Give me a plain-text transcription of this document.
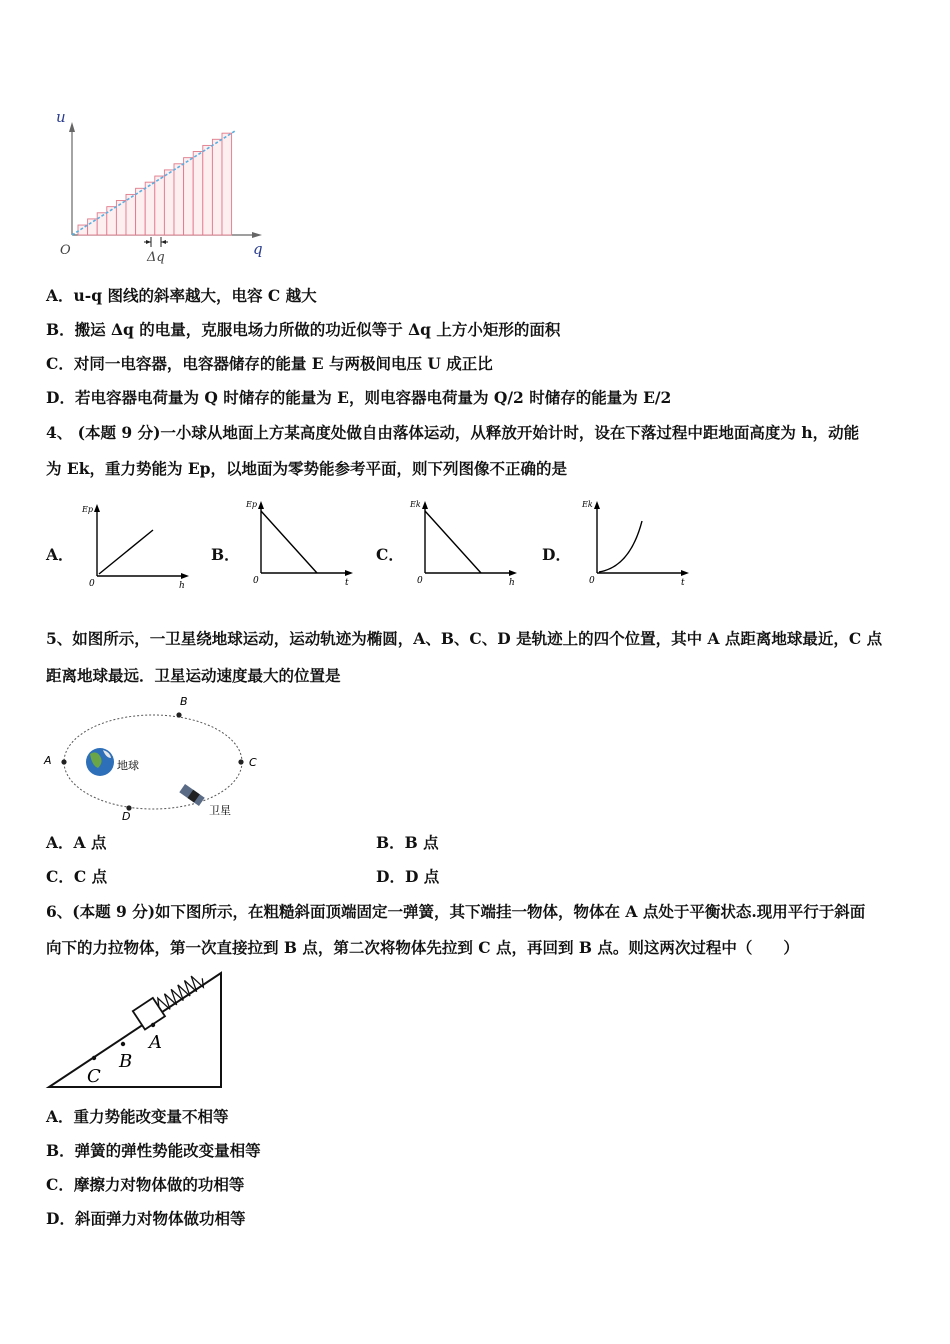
u
q
O	Δq
A．u-q 图线的斜率越大，电容 C 越大
B．搬运 Δq 的电量，克服电场力所做的功近似等于 Δq 上方小矩形的面积
C．对同一电容器，电容器储存的能量 E 与两极间电压 U 成正比
D．若电容器电荷量为 Q 时储存的能量为 E，则电容器电荷量为 Q/2 时储存的能量为 E/2
4、 (本题 9 分)一小球从地面上方某高度处做自由落体运动，从释放开始计时，设在下落过程中距地面高度为 h，动能
为 Ek，重力势能为 Ep，以地面为零势能参考平面，则下列图像不正确的是
A．
Ep
h
0
B．
Ep
t
0
C．
Ek
h
0
D．
Ek
t
0
5、如图所示，一卫星绕地球运动，运动轨迹为椭圆，A、B、C、D 是轨迹上的四个位置，其中 A 点距离地球最近，C 点
距离地球最远．卫星运动速度最大的位置是
A
B
C
D
地球
卫星
A．A 点	B．B 点
C．C 点	D．D 点
6、(本题 9 分)如下图所示，在粗糙斜面顶端固定一弹簧，其下端挂一物体，物体在 A 点处于平衡状态.现用平行于斜面
向下的力拉物体，第一次直接拉到 B 点，第二次将物体先拉到 C 点，再回到 B 点。则这两次过程中（　　）
A
B
C
A．重力势能改变量不相等
B．弹簧的弹性势能改变量相等
C．摩擦力对物体做的功相等
D．斜面弹力对物体做功相等
